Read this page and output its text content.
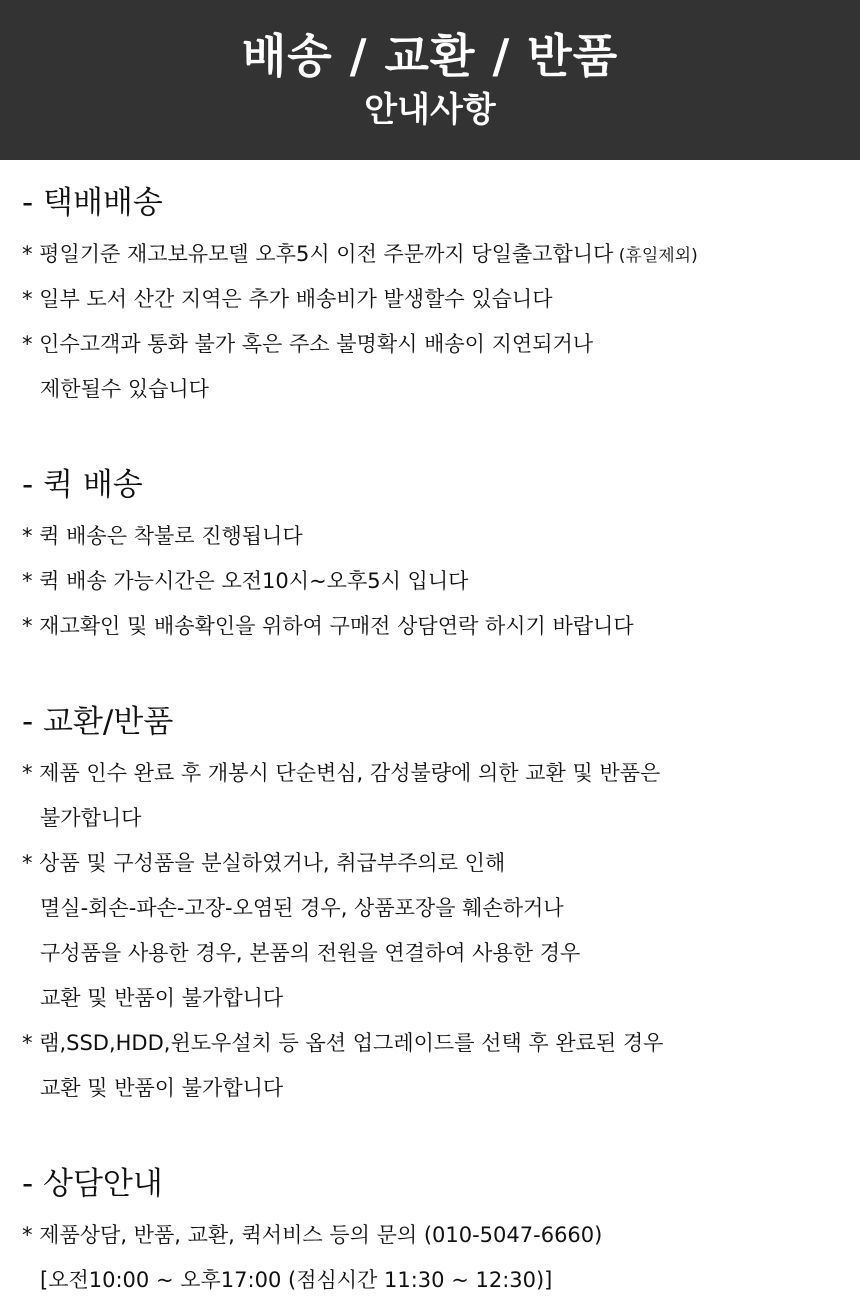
배송 / 교환 / 반품
안내사항
- 택배배송
* 평일기준 재고보유모델 오후5시 이전 주문까지 당일출고합니다 (휴일제외)
* 일부 도서 산간 지역은 추가 배송비가 발생할수 있습니다
* 인수고객과 통화 불가 혹은 주소 불명확시 배송이 지연되거나
제한될수 있습니다
- 퀵 배송
* 퀵 배송은 착불로 진행됩니다
* 퀵 배송 가능시간은 오전10시~오후5시 입니다
* 재고확인 및 배송확인을 위하여 구매전 상담연락 하시기 바랍니다
- 교환/반품
* 제품 인수 완료 후 개봉시 단순변심, 감성불량에 의한 교환 및 반품은
불가합니다
* 상품 및 구성품을 분실하였거나, 취급부주의로 인해
멸실-회손-파손-고장-오염된 경우, 상품포장을 훼손하거나
구성품을 사용한 경우, 본품의 전원을 연결하여 사용한 경우
교환 및 반품이 불가합니다
* 램,SSD,HDD,윈도우설치 등 옵션 업그레이드를 선택 후 완료된 경우
교환 및 반품이 불가합니다
- 상담안내
* 제품상담, 반품, 교환, 퀵서비스 등의 문의 (010-5047-6660)
[오전10:00 ~ 오후17:00 (점심시간 11:30 ~ 12:30)]
